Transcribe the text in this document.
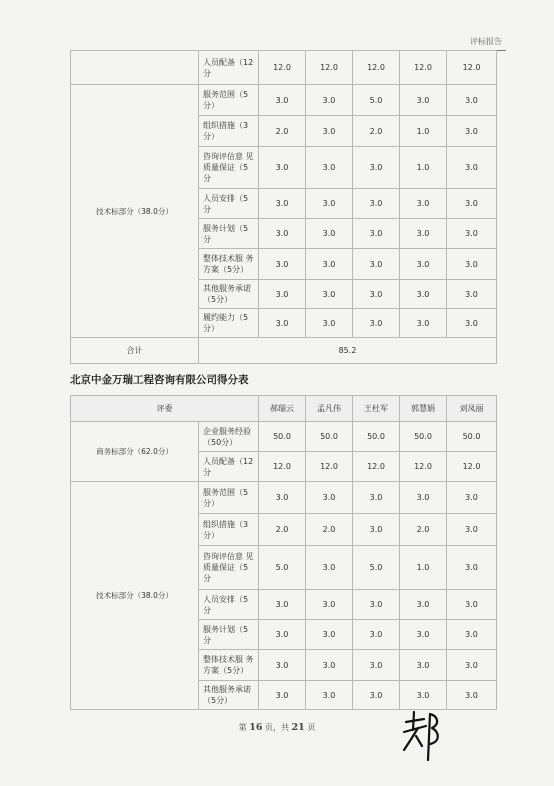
评标报告
	人员配备（12分	12.0	12.0	12.0	12.0	12.0
技术标部分（38.0分）	服务范围（5分）	3.0	3.0	5.0	3.0	3.0
	组织措施（3分）	2.0	3.0	2.0	1.0	3.0
	咨询评估意 见质量保证（5分	3.0	3.0	3.0	1.0	3.0
	人员安排（5分	3.0	3.0	3.0	3.0	3.0
	服务计划（5分	3.0	3.0	3.0	3.0	3.0
	整体技术服 务方案（5分）	3.0	3.0	3.0	3.0	3.0
	其他服务承诺（5分）	3.0	3.0	3.0	3.0	3.0
	履约能力（5分）	3.0	3.0	3.0	3.0	3.0
合计	85.2					
北京中金万瑞工程咨询有限公司得分表
评委		郝瑞云	孟凡伟	王杜军	郭慧娟	刘凤丽
商务标部分（62.0分）	企业服务经验（50分）	50.0	50.0	50.0	50.0	50.0
	人员配备（12分	12.0	12.0	12.0	12.0	12.0
技术标部分（38.0分）	服务范围（5分）	3.0	3.0	3.0	3.0	3.0
	组织措施（3分）	2.0	2.0	3.0	2.0	3.0
	咨询评估意 见质量保证（5分	5.0	3.0	5.0	1.0	3.0
	人员安排（5分	3.0	3.0	3.0	3.0	3.0
	服务计划（5分	3.0	3.0	3.0	3.0	3.0
	整体技术服 务方案（5分）	3.0	3.0	3.0	3.0	3.0
	其他服务承诺（5分）	3.0	3.0	3.0	3.0	3.0
第 16 页，共 21 页
